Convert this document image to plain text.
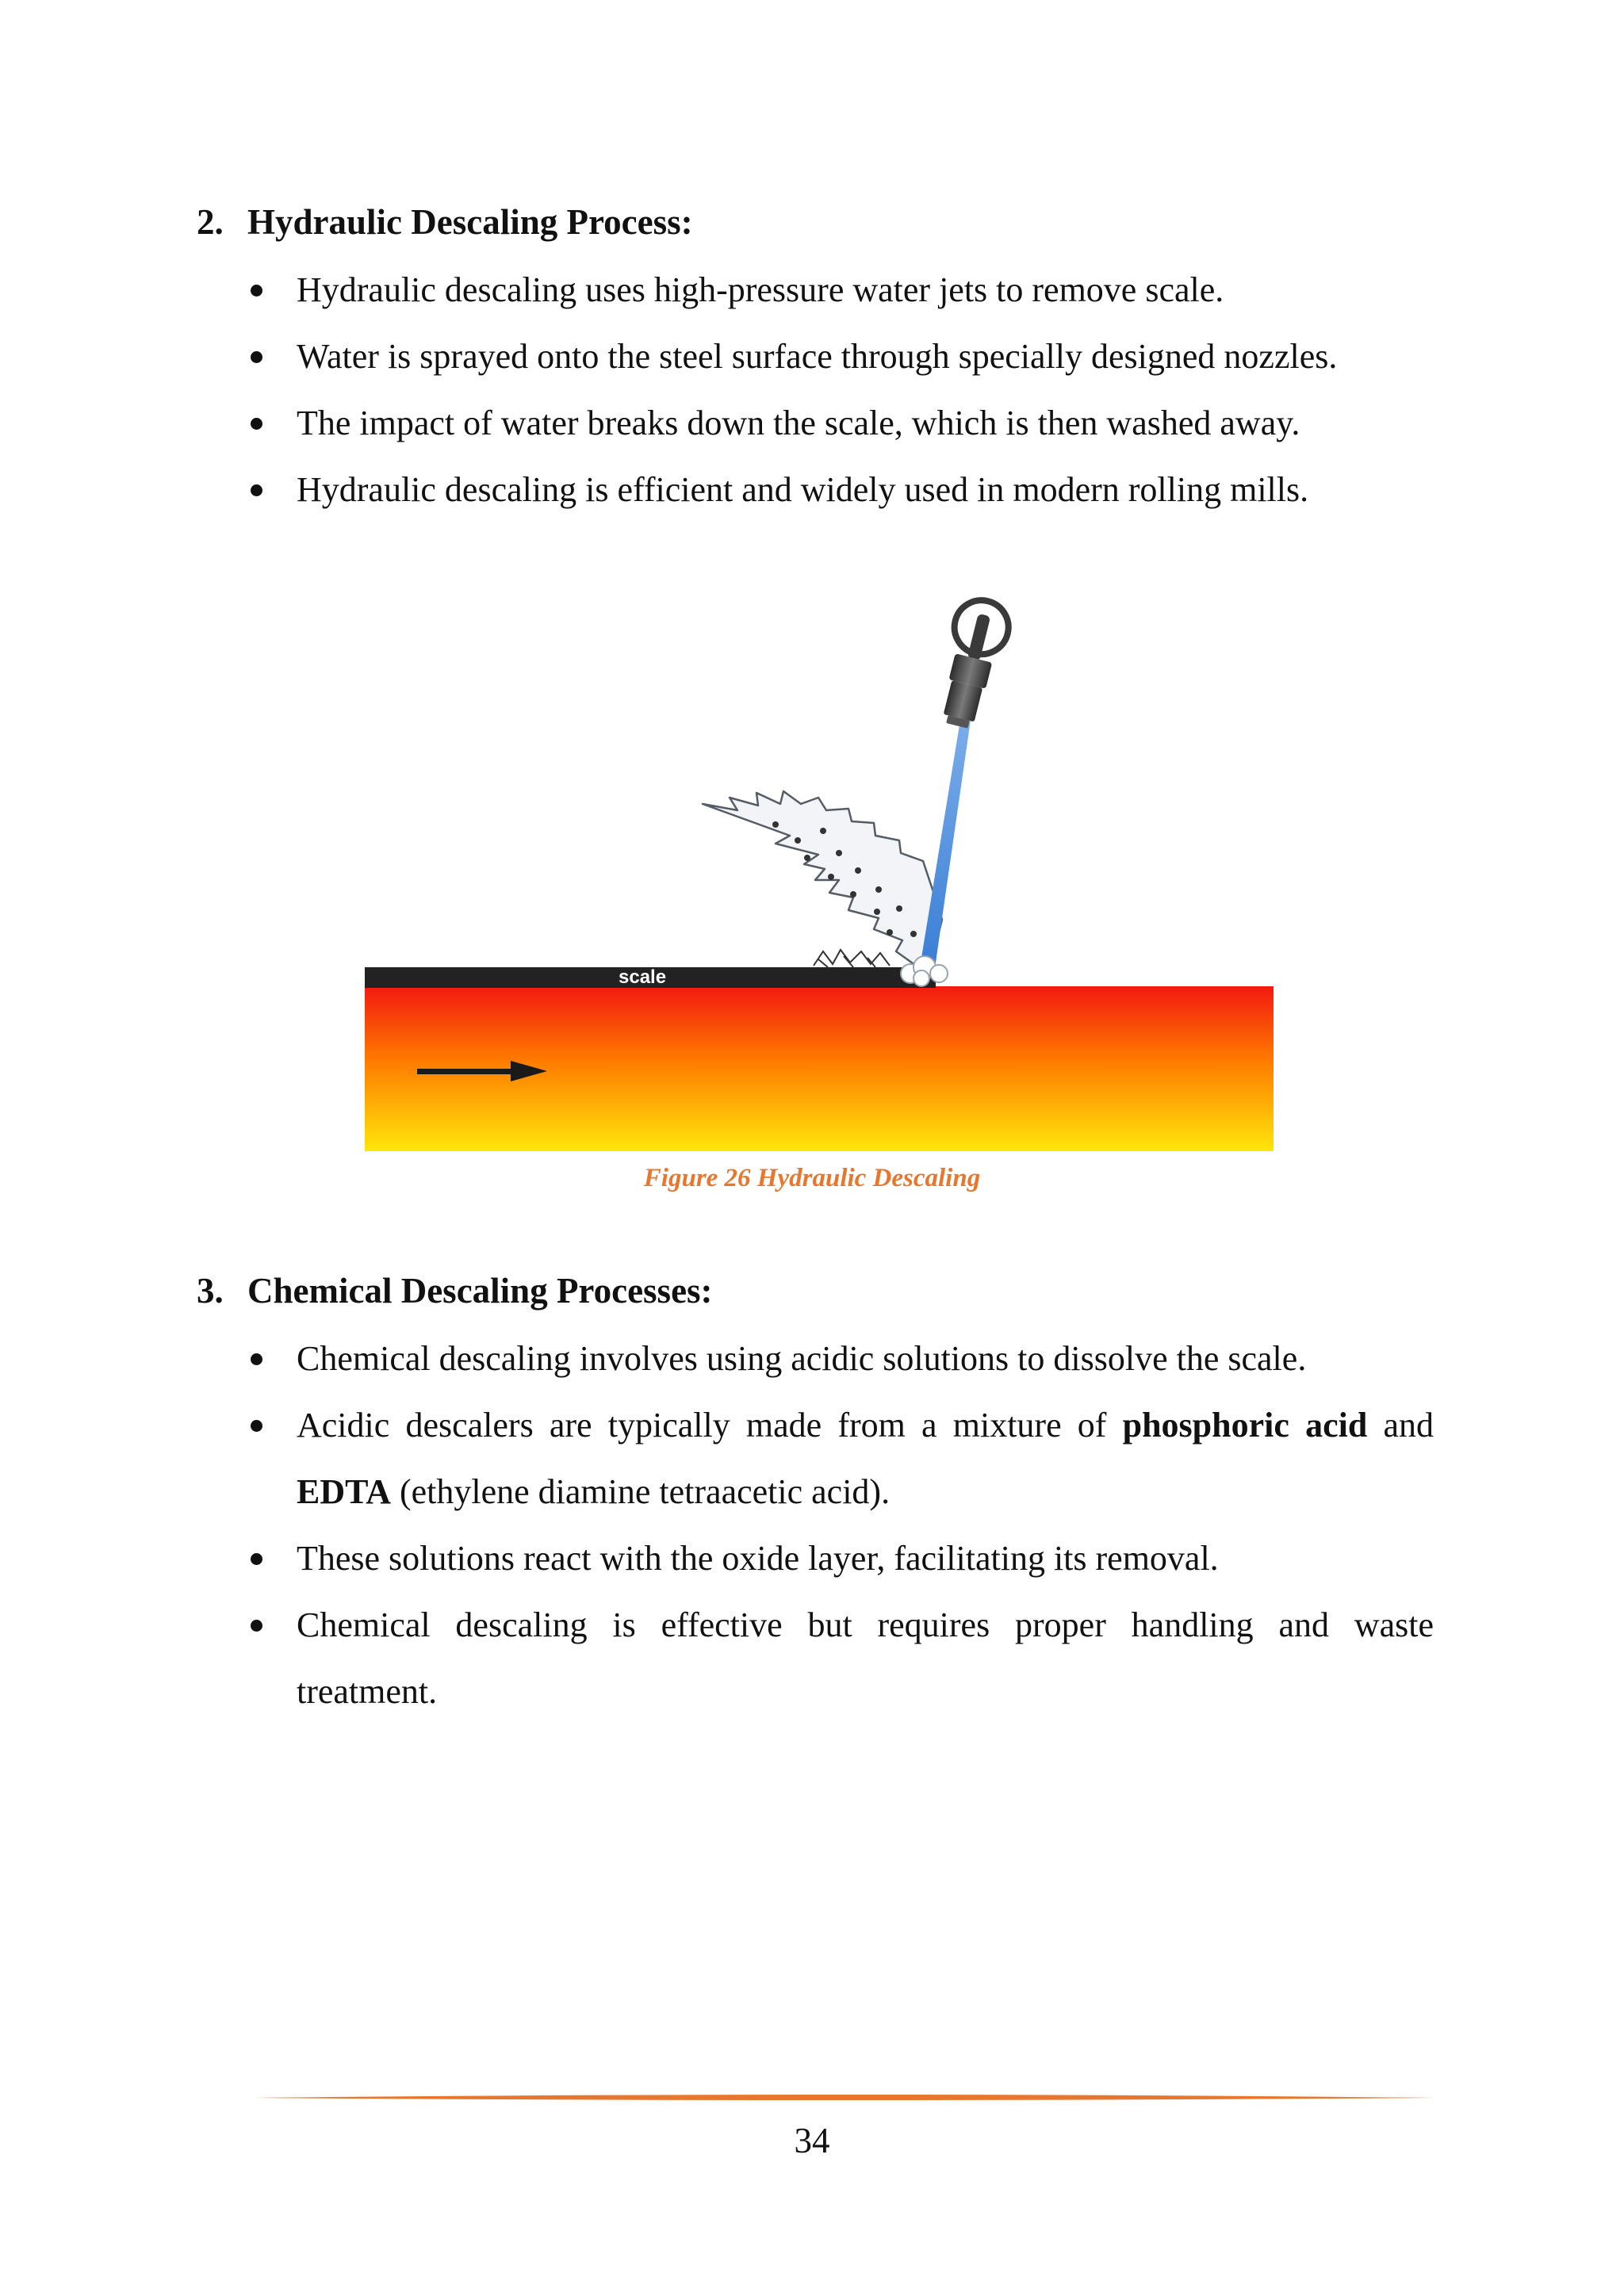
2. Hydraulic Descaling Process:
Hydraulic descaling uses high-pressure water jets to remove scale.
Water is sprayed onto the steel surface through specially designed nozzles.
The impact of water breaks down the scale, which is then washed away.
Hydraulic descaling is efficient and widely used in modern rolling mills.
scale
Figure 26 Hydraulic Descaling
3. Chemical Descaling Processes:
Chemical descaling involves using acidic solutions to dissolve the scale.
Acidic descalers are typically made from a mixture of phosphoric acid and EDTA (ethylene diamine tetraacetic acid).
These solutions react with the oxide layer, facilitating its removal.
Chemical descaling is effective but requires proper handling and waste treatment.
34
